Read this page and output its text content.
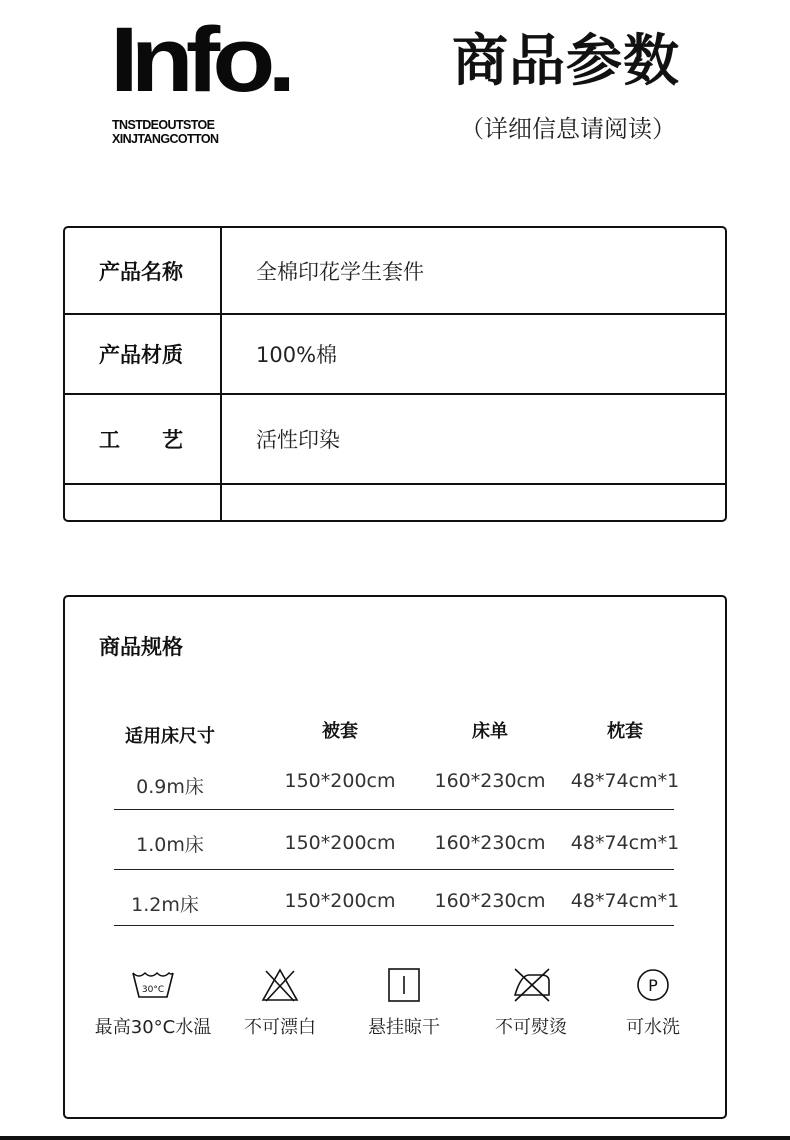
Info.
TNSTDEOUTSTOE
XINJTANGCOTTON
商品参数
（详细信息请阅读）
产品名称	全棉印花学生套件
产品材质	100%棉
工　　艺	活性印染
商品规格
适用床尺寸	被套	床单	枕套
0.9m床	150*200cm	160*230cm	48*74cm*1
1.0m床	150*200cm	160*230cm	48*74cm*1
1.2m床	150*200cm	160*230cm	48*74cm*1
30°C
最高30°C水温	不可漂白	悬挂晾干	不可熨烫
P
可水洗
